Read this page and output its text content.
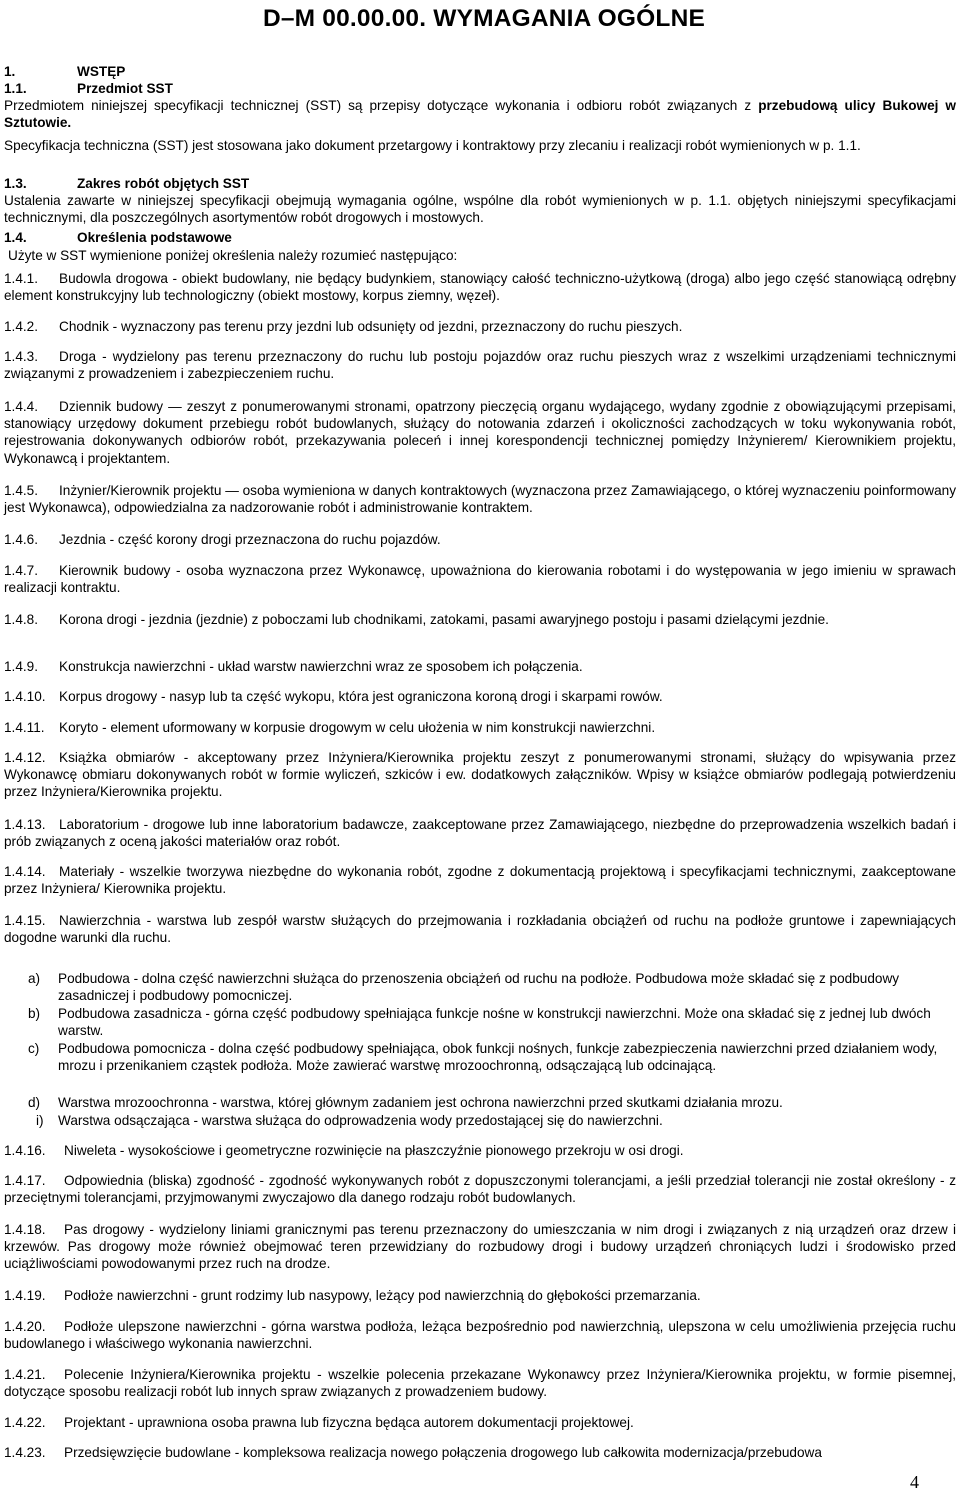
D–M 00.00.00. WYMAGANIA OGÓLNE
1.	WSTĘP
1.1.	Przedmiot SST

Przedmiotem niniejszej specyfikacji technicznej (SST) są przepisy dotyczące wykonania i odbioru robót związanych z przebudową ulicy Bukowej w Sztutowie.

Specyfikacja techniczna (SST) jest stosowana jako dokument przetargowy i kontraktowy przy zlecaniu i realizacji robót wymienionych w p. 1.1.

1.3.	Zakres robót objętych SST

Ustalenia zawarte w niniejszej specyfikacji obejmują wymagania ogólne, wspólne dla robót wymienionych w p. 1.1. objętych niniejszymi specyfikacjami technicznymi, dla poszczególnych asortymentów robót drogowych i mostowych.

1.4.	Określenia podstawowe

Użyte w SST wymienione poniżej określenia należy rozumieć następująco:

1.4.1. Budowla drogowa - obiekt budowlany, nie będący budynkiem, stanowiący całość techniczno-użytkową (droga) albo jego część stanowiącą odrębny element konstrukcyjny lub technologiczny (obiekt mostowy, korpus ziemny, węzeł).

1.4.2. Chodnik - wyznaczony pas terenu przy jezdni lub odsunięty od jezdni, przeznaczony do ruchu pieszych.

1.4.3. Droga - wydzielony pas terenu przeznaczony do ruchu lub postoju pojazdów oraz ruchu pieszych wraz z wszelkimi urządzeniami technicznymi związanymi z prowadzeniem i zabezpieczeniem ruchu.

1.4.4. Dziennik budowy — zeszyt z ponumerowanymi stronami, opatrzony pieczęcią organu wydającego, wydany zgodnie z obowiązującymi przepisami, stanowiący urzędowy dokument przebiegu robót budowlanych, służący do notowania zdarzeń i okoliczności zachodzących w toku wykonywania robót, rejestrowania dokonywanych odbiorów robót, przekazywania poleceń i innej korespondencji technicznej pomiędzy Inżynierem/ Kierownikiem projektu, Wykonawcą i projektantem.

1.4.5. Inżynier/Kierownik projektu — osoba wymieniona w danych kontraktowych (wyznaczona przez Zamawiającego, o której wyznaczeniu poinformowany jest Wykonawca), odpowiedzialna za nadzorowanie robót i administrowanie kontraktem.

1.4.6. Jezdnia - część korony drogi przeznaczona do ruchu pojazdów.

1.4.7. Kierownik budowy - osoba wyznaczona przez Wykonawcę, upoważniona do kierowania robotami i do występowania w jego imieniu w sprawach realizacji kontraktu.

1.4.8. Korona drogi - jezdnia (jezdnie) z poboczami lub chodnikami, zatokami, pasami awaryjnego postoju i pasami dzielącymi jezdnie.

1.4.9. Konstrukcja nawierzchni - układ warstw nawierzchni wraz ze sposobem ich połączenia.

1.4.10. Korpus drogowy - nasyp lub ta część wykopu, która jest ograniczona koroną drogi i skarpami rowów.

1.4.11. Koryto - element uformowany w korpusie drogowym w celu ułożenia w nim konstrukcji nawierzchni.

1.4.12. Książka obmiarów - akceptowany przez Inżyniera/Kierownika projektu zeszyt z ponumerowanymi stronami, służący do wpisywania przez Wykonawcę obmiaru dokonywanych robót w formie wyliczeń, szkiców i ew. dodatkowych załączników. Wpisy w książce obmiarów podlegają potwierdzeniu przez Inżyniera/Kierownika projektu.

1.4.13. Laboratorium - drogowe lub inne laboratorium badawcze, zaakceptowane przez Zamawiającego, niezbędne do przeprowadzenia wszelkich badań i prób związanych z oceną jakości materiałów oraz robót.

1.4.14. Materiały - wszelkie tworzywa niezbędne do wykonania robót, zgodne z dokumentacją projektową i specyfikacjami technicznymi, zaakceptowane przez Inżyniera/ Kierownika projektu.

1.4.15. Nawierzchnia - warstwa lub zespół warstw służących do przejmowania i rozkładania obciążeń od ruchu na podłoże gruntowe i zapewniających dogodne warunki dla ruchu.

a)	Podbudowa - dolna część nawierzchni służąca do przenoszenia obciążeń od ruchu na podłoże. Podbudowa może składać się z podbudowy zasadniczej i podbudowy pomocniczej.
b)	Podbudowa zasadnicza - górna część podbudowy spełniająca funkcje nośne w konstrukcji nawierzchni. Może ona składać się z jednej lub dwóch warstw.
c)	Podbudowa pomocnicza - dolna część podbudowy spełniająca, obok funkcji nośnych, funkcje zabezpieczenia nawierzchni przed działaniem wody, mrozu i przenikaniem cząstek podłoża. Może zawierać warstwę mrozoochronną, odsączającą lub odcinającą.
d)	Warstwa mrozoochronna - warstwa, której głównym zadaniem jest ochrona nawierzchni przed skutkami działania mrozu.
i)	Warstwa odsączająca - warstwa służąca do odprowadzenia wody przedostającej się do nawierzchni.

1.4.16. Niweleta - wysokościowe i geometryczne rozwinięcie na płaszczyźnie pionowego przekroju w osi drogi.

1.4.17. Odpowiednia (bliska) zgodność - zgodność wykonywanych robót z dopuszczonymi tolerancjami, a jeśli przedział tolerancji nie został określony - z przeciętnymi tolerancjami, przyjmowanymi zwyczajowo dla danego rodzaju robót budowlanych.

1.4.18. Pas drogowy - wydzielony liniami granicznymi pas terenu przeznaczony do umieszczania w nim drogi i związanych z nią urządzeń oraz drzew i krzewów. Pas drogowy może również obejmować teren przewidziany do rozbudowy drogi i budowy urządzeń chroniących ludzi i środowisko przed uciążliwościami powodowanymi przez ruch na drodze.

1.4.19. Podłoże nawierzchni - grunt rodzimy lub nasypowy, leżący pod nawierzchnią do głębokości przemarzania.

1.4.20. Podłoże ulepszone nawierzchni - górna warstwa podłoża, leżąca bezpośrednio pod nawierzchnią, ulepszona w celu umożliwienia przejęcia ruchu budowlanego i właściwego wykonania nawierzchni.

1.4.21. Polecenie Inżyniera/Kierownika projektu - wszelkie polecenia przekazane Wykonawcy przez Inżyniera/Kierownika projektu, w formie pisemnej, dotyczące sposobu realizacji robót lub innych spraw związanych z prowadzeniem budowy.

1.4.22. Projektant - uprawniona osoba prawna lub fizyczna będąca autorem dokumentacji projektowej.

1.4.23. Przedsięwzięcie budowlane - kompleksowa realizacja nowego połączenia drogowego lub całkowita modernizacja/przebudowa

4
